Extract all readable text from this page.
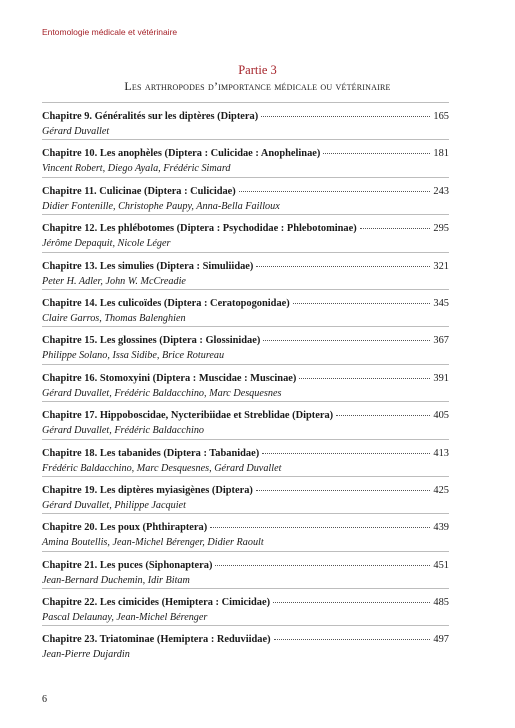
Entomologie médicale et vétérinaire
Partie 3
Les arthropodes d’importance médicale ou vétérinaire
Chapitre 9. Généralités sur les diptères (Diptera)	165
Gérard Duvallet
Chapitre 10. Les anophèles (Diptera : Culicidae : Anophelinae)	181
Vincent Robert, Diego Ayala, Frédéric Simard
Chapitre 11. Culicinae (Diptera : Culicidae)	243
Didier Fontenille, Christophe Paupy, Anna-Bella Failloux
Chapitre 12. Les phlébotomes (Diptera : Psychodidae : Phlebotominae)	295
Jérôme Depaquit, Nicole Léger
Chapitre 13. Les simulies (Diptera : Simuliidae)	321
Peter H. Adler, John W. McCreadie
Chapitre 14. Les culicoïdes (Diptera : Ceratopogonidae)	345
Claire Garros, Thomas Balenghien
Chapitre 15. Les glossines (Diptera : Glossinidae)	367
Philippe Solano, Issa Sidibe, Brice Rotureau
Chapitre 16. Stomoxyini (Diptera : Muscidae : Muscinae)	391
Gérard Duvallet, Frédéric Baldacchino, Marc Desquesnes
Chapitre 17. Hippoboscidae, Nycteribiidae et Streblidae (Diptera)	405
Gérard Duvallet, Frédéric Baldacchino
Chapitre 18. Les tabanides (Diptera : Tabanidae)	413
Frédéric Baldacchino, Marc Desquesnes, Gérard Duvallet
Chapitre 19. Les diptères myiasigènes (Diptera)	425
Gérard Duvallet, Philippe Jacquiet
Chapitre 20. Les poux (Phthiraptera)	439
Amina Boutellis, Jean-Michel Bérenger, Didier Raoult
Chapitre 21. Les puces (Siphonaptera)	451
Jean-Bernard Duchemin, Idir Bitam
Chapitre 22. Les cimicides (Hemiptera : Cimicidae)	485
Pascal Delaunay, Jean-Michel Bérenger
Chapitre 23. Triatominae (Hemiptera : Reduviidae)	497
Jean-Pierre Dujardin
6
